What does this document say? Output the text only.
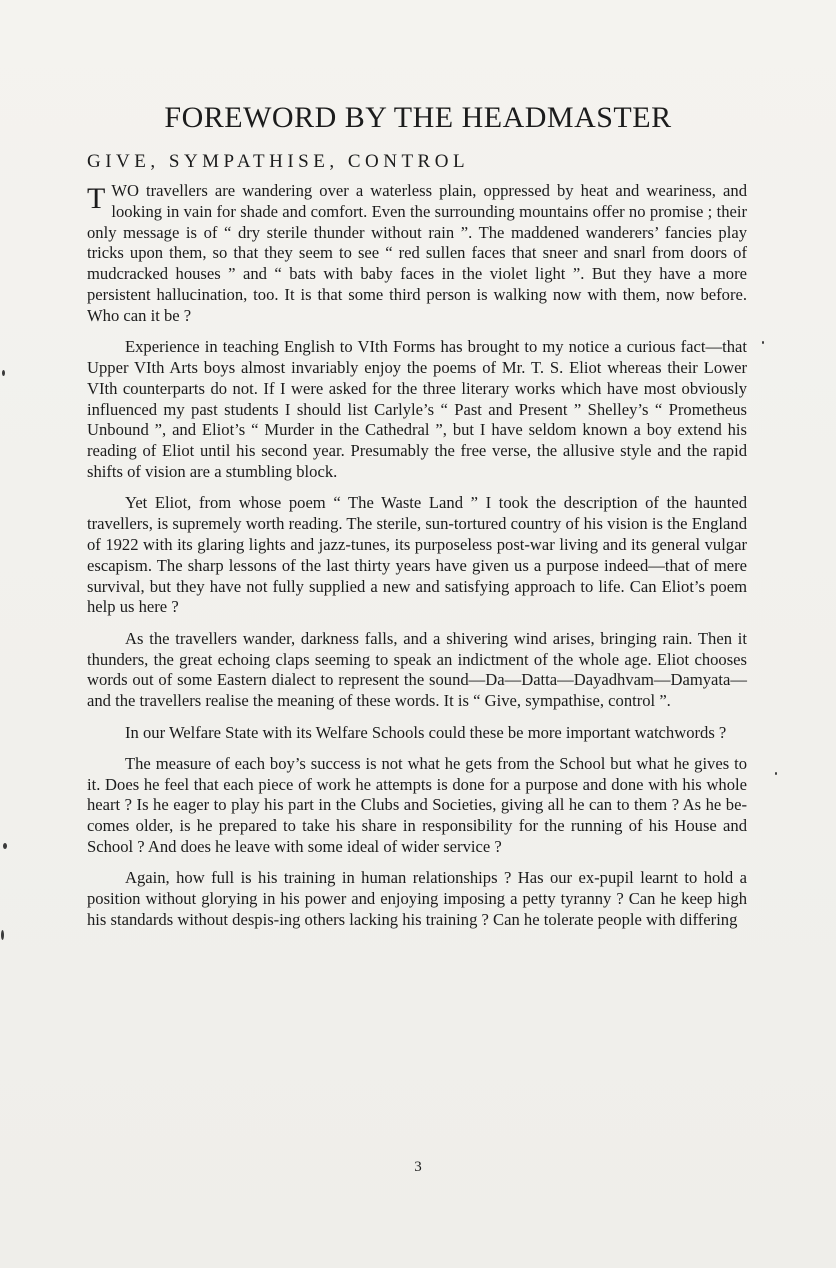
FOREWORD BY THE HEADMASTER
GIVE, SYMPATHISE, CONTROL

TWO travellers are wandering over a waterless plain, oppressed by heat and weariness, and looking in vain for shade and comfort. Even the surrounding mountains offer no promise ; their only message is of “ dry sterile thunder without rain ”. The maddened wanderers’ fancies play tricks upon them, so that they seem to see “ red sullen faces that sneer and snarl from doors of mudcracked houses ” and “ bats with baby faces in the violet light ”. But they have a more persistent hallucination, too. It is that some third person is walking now with them, now before. Who can it be ?

Experience in teaching English to VIth Forms has brought to my notice a curious fact—that Upper VIth Arts boys almost invariably enjoy the poems of Mr. T. S. Eliot whereas their Lower VIth counterparts do not. If I were asked for the three literary works which have most obviously influenced my past students I should list Carlyle’s “ Past and Present ” Shelley’s “ Prometheus Unbound ”, and Eliot’s “ Murder in the Cathedral ”, but I have seldom known a boy extend his reading of Eliot until his second year. Presumably the free verse, the allusive style and the rapid shifts of vision are a stumbling block.

Yet Eliot, from whose poem “ The Waste Land ” I took the description of the haunted travellers, is supremely worth reading. The sterile, sun-tortured country of his vision is the England of 1922 with its glaring lights and jazz-tunes, its purposeless post-war living and its general vulgar escapism. The sharp lessons of the last thirty years have given us a purpose indeed—that of mere survival, but they have not fully supplied a new and satisfying approach to life. Can Eliot’s poem help us here ?

As the travellers wander, darkness falls, and a shivering wind arises, bringing rain. Then it thunders, the great echoing claps seeming to speak an indictment of the whole age. Eliot chooses words out of some Eastern dialect to represent the sound—Da—Datta—Dayadhvam—Damyata—and the travellers realise the meaning of these words. It is “ Give, sympathise, control ”.

In our Welfare State with its Welfare Schools could these be more important watchwords ?

The measure of each boy’s success is not what he gets from the School but what he gives to it. Does he feel that each piece of work he attempts is done for a purpose and done with his whole heart ? Is he eager to play his part in the Clubs and Societies, giving all he can to them ? As he be-comes older, is he prepared to take his share in responsibility for the running of his House and School ? And does he leave with some ideal of wider service ?

Again, how full is his training in human relationships ? Has our ex-pupil learnt to hold a position without glorying in his power and enjoying imposing a petty tyranny ? Can he keep high his standards without despis-ing others lacking his training ? Can he tolerate people with differing

3
